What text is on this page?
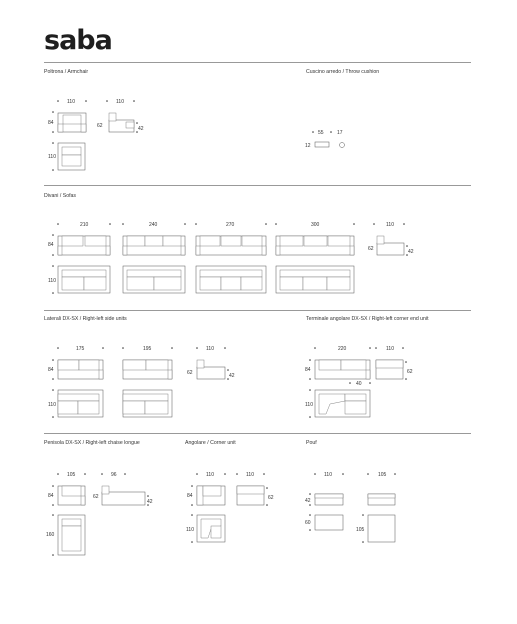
saba
Poltrona / Armchair	Cuscino arredo / Throw cushion
Divani / Sofas
Laterali DX-SX / Right-left side units	Terminale angolare DX-SX / Right-left corner end unit
Penisola DX-SX / Right-left chaise longue	Angolare / Corner unit	Pouf
110	110
84	62	42
110
55	17
12
210	240	270	300	110
84
62	42
110
175	195	110
84	62	42
110
220	110
84	62
40
110
105	96
84	62
42
160
110	110
84	62
110
110	105
42
60
105
